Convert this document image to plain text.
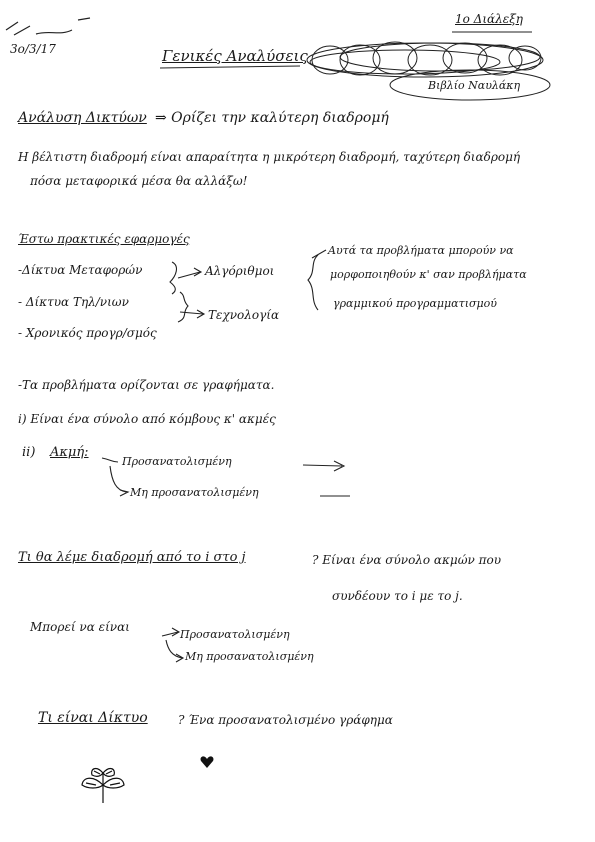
3ο/3/17
1ο Διάλεξη
Γενικές Αναλύσεις
Βιβλίο Ναυλάκη
Ανάλυση Δικτύων ⇒ Ορίζει την καλύτερη διαδρομή
Η βέλτιστη διαδρομή είναι απαραίτητα η μικρότερη διαδρομή, ταχύτερη διαδρομή
πόσα μεταφορικά μέσα θα αλλάξω!
Έστω πρακτικές εφαρμογές
-Δίκτυα Μεταφορών
- Δίκτυα Τηλ/νιων
- Χρονικός προγρ/σμός
Αλγόριθμοι
Τεχνολογία
Αυτά τα προβλήματα μπορούν να
μορφοποιηθούν κ' σαν προβλήματα
γραμμικού προγραμματισμού
-Τα προβλήματα ορίζονται σε γραφήματα.
i) Είναι ένα σύνολο από κόμβους κ' ακμές
ii) Ακμή:
Προσανατολισμένη
Μη προσανατολισμένη
Τι θα λέμε διαδρομή από το i στο j	? Είναι ένα σύνολο ακμών που
συνδέουν το i με το j.
Μπορεί να είναι
Προσανατολισμένη
Μη προσανατολισμένη
Τι είναι Δίκτυο	? Ένα προσανατολισμένο γράφημα
